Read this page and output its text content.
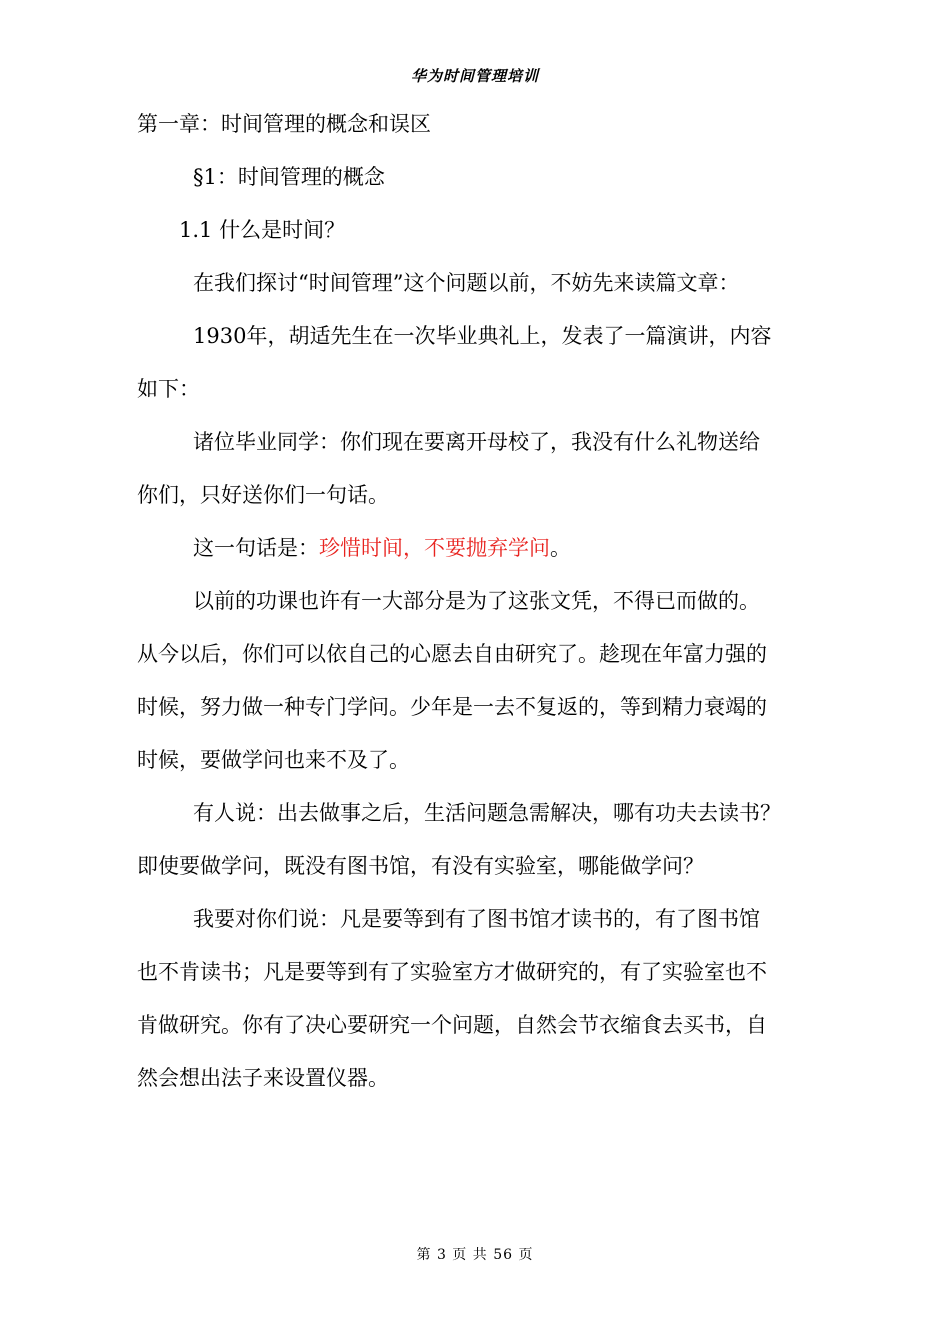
华为时间管理培训
第一章：时间管理的概念和误区
§1：时间管理的概念
1.1 什么是时间？
在我们探讨“时间管理”这个问题以前，不妨先来读篇文章：
1930年，胡适先生在一次毕业典礼上，发表了一篇演讲，内容
如下：
诸位毕业同学：你们现在要离开母校了，我没有什么礼物送给
你们，只好送你们一句话。
这一句话是：珍惜时间，不要抛弃学问。
以前的功课也许有一大部分是为了这张文凭，不得已而做的。
从今以后，你们可以依自己的心愿去自由研究了。趁现在年富力强的
时候，努力做一种专门学问。少年是一去不复返的，等到精力衰竭的
时候，要做学问也来不及了。
有人说：出去做事之后，生活问题急需解决，哪有功夫去读书？
即使要做学问，既没有图书馆，有没有实验室，哪能做学问？
我要对你们说：凡是要等到有了图书馆才读书的，有了图书馆
也不肯读书；凡是要等到有了实验室方才做研究的，有了实验室也不
肯做研究。你有了决心要研究一个问题，自然会节衣缩食去买书，自
然会想出法子来设置仪器。
第 3 页 共 56 页
